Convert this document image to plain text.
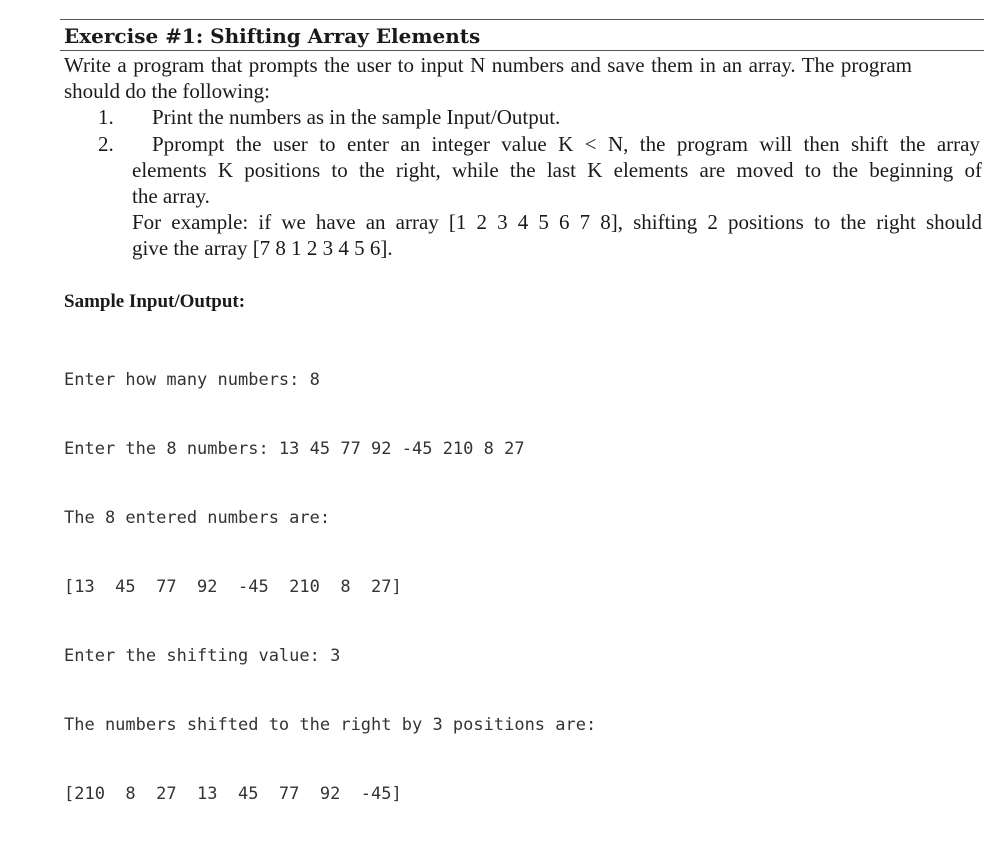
Exercise #1: Shifting Array Elements
Write a program that prompts the user to input N numbers and save them in an array. The program
should do the following:
1. Print the numbers as in the sample Input/Output.
2. Pprompt the user to enter an integer value K < N, the program will then shift the array
elements K positions to the right, while the last K elements are moved to the beginning of
the array.
For example: if we have an array [1 2 3 4 5 6 7 8], shifting 2 positions to the right should
give the array [7 8 1 2 3 4 5 6].
Sample Input/Output:

Enter how many numbers: 8

Enter the 8 numbers: 13 45 77 92 -45 210 8 27

The 8 entered numbers are:

[13  45  77  92  -45  210  8  27]

Enter the shifting value: 3

The numbers shifted to the right by 3 positions are:

[210  8  27  13  45  77  92  -45]
